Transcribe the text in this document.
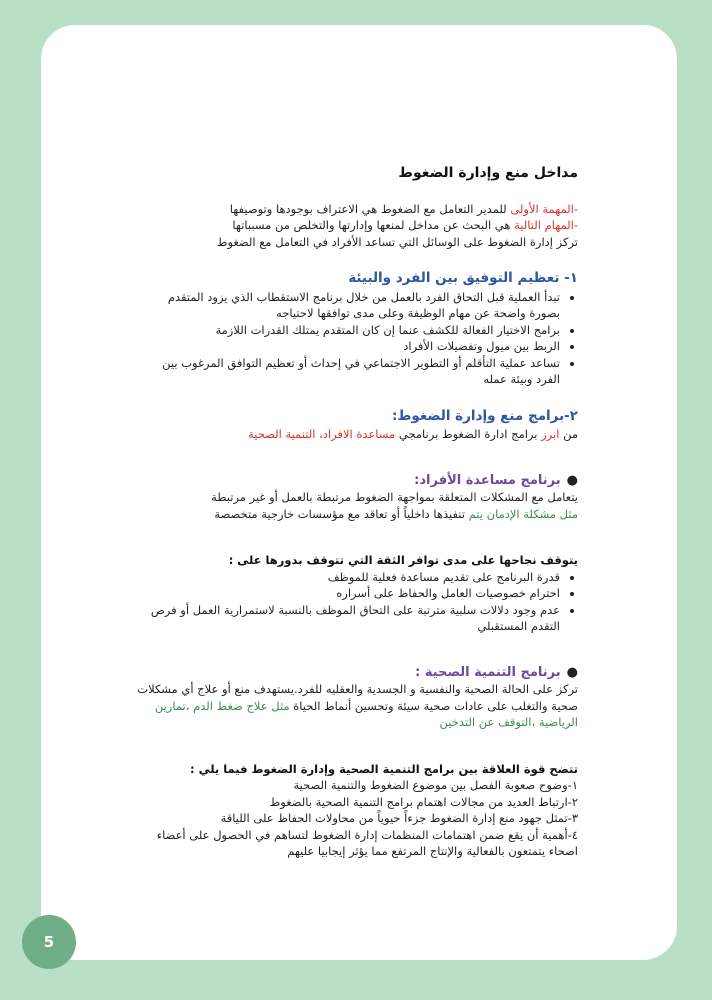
مداخل منع وإدارة الضغوط

-المهمة الأولى للمدير التعامل مع الضغوط هي الاعتراف بوجودها وتوصيفها

-المهام التالية هي البحث عن مداخل لمنعها وإدارتها والتخلص من مسبباتها

تركز إدارة الضغوط على الوسائل التي تساعد الأفراد في التعامل مع الضغوط

١- تعظيم التوفيق بين الفرد والبيئة
• تبدأ العملية قبل التحاق الفرد بالعمل من خلال برنامج الاستقطاب الذي يزود المتقدم بصورة واضحة عن مهام الوظيفة وعلى مدى توافقها لاحتياجه
• برامج الاختيار الفعالة للكشف عنما إن كان المتقدم يمتلك القدرات اللازمة
• الربط بين ميول وتفضيلات الأفراد
• تساعد عملية التأقلم أو التطوير الاجتماعي في إحداث أو تعظيم التوافق المرغوب بين الفرد وبيئة عمله
٢-برامج منع وإدارة الضغوط:

من ابرز برامج ادارة الضغوط برنامجي مساعدة الافراد، التنمية الصحية

●برنامج مساعدة الأفراد:

يتعامل مع المشكلات المتعلقة بمواجهة الضغوط مرتبطة بالعمل أو غير مرتبطة

مثل مشكلة الإدمان يتم تنفيذها داخلياً أو تعاقد مع مؤسسات خارجية متخصصة

يتوقف نجاحها على مدى توافر الثقة التي تتوقف بدورها على :
• قدرة البرنامج على تقديم مساعدة فعلية للموظف
• احترام خصوصيات العامل والحفاظ على أسراره
• عدم وجود دلالات سلبية مترتبة على التحاق الموظف بالنسبة لاستمرارية العمل أو فرص التقدم المستقبلي
●برنامج التنمية الصحية :

تركز على الحالة الصحية والنفسية و الجسدية والعقليه للفرد.يستهدف منع أو علاج أي مشكلات صحية والتغلب على عادات صحية سيئة وتحسين أنماط الحياة مثل علاج ضغط الدم ،تمارين الرياضية ،التوقف عن التدخين

تتضح قوة العلاقة بين برامج التنمية الصحية وإدارة الضغوط فيما يلي :

١-وضوح صعوبة الفصل بين موضوع الضغوط والتنمية الصحية

٢-ارتباط العديد من مجالات اهتمام برامج التنمية الصحية بالضغوط

٣-تمثل جهود منع إدارة الضغوط جزءاً حيوياً من محاولات الحفاظ على اللياقة

٤-أهمية أن يقع ضمن اهتمامات المنظمات إدارة الضغوط لتساهم في الحصول على أعضاء اصحاء يتمتعون بالفعالية والإنتاج المرتفع مما يؤثر إيجابيا عليهم

5
